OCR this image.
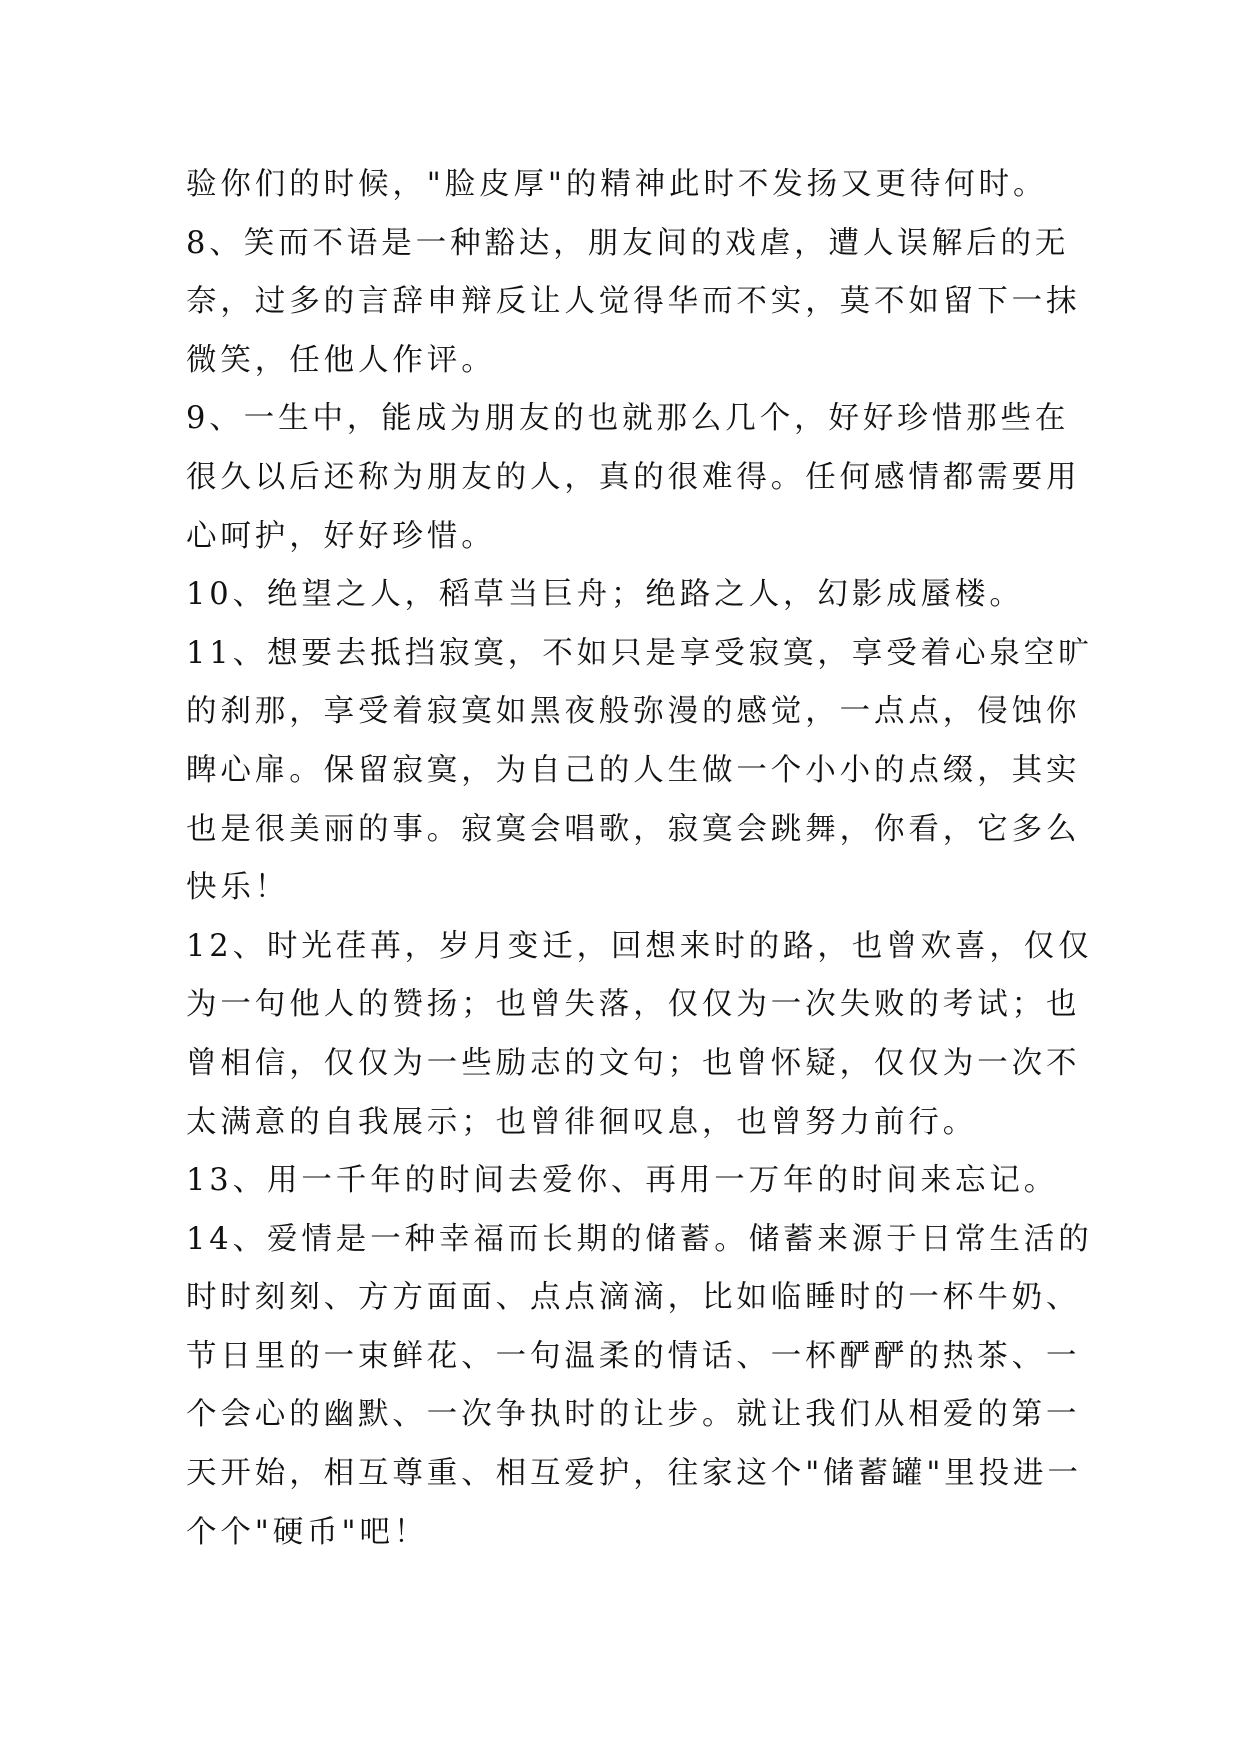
验你们的时候，"脸皮厚"的精神此时不发扬又更待何时。
8、笑而不语是一种豁达，朋友间的戏虐，遭人误解后的无
奈，过多的言辞申辩反让人觉得华而不实，莫不如留下一抹
微笑，任他人作评。
9、一生中，能成为朋友的也就那么几个，好好珍惜那些在
很久以后还称为朋友的人，真的很难得。任何感情都需要用
心呵护，好好珍惜。
10、绝望之人，稻草当巨舟；绝路之人，幻影成蜃楼。
11、想要去抵挡寂寞，不如只是享受寂寞，享受着心泉空旷
的刹那，享受着寂寞如黑夜般弥漫的感觉，一点点，侵蚀你
睥心扉。保留寂寞，为自己的人生做一个小小的点缀，其实
也是很美丽的事。寂寞会唱歌，寂寞会跳舞，你看，它多么
快乐！
12、时光荏苒，岁月变迁，回想来时的路，也曾欢喜，仅仅
为一句他人的赞扬；也曾失落，仅仅为一次失败的考试；也
曾相信，仅仅为一些励志的文句；也曾怀疑，仅仅为一次不
太满意的自我展示；也曾徘徊叹息，也曾努力前行。
13、用一千年的时间去爱你、再用一万年的时间来忘记。
14、爱情是一种幸福而长期的储蓄。储蓄来源于日常生活的
时时刻刻、方方面面、点点滴滴，比如临睡时的一杯牛奶、
节日里的一束鲜花、一句温柔的情话、一杯酽酽的热茶、一
个会心的幽默、一次争执时的让步。就让我们从相爱的第一
天开始，相互尊重、相互爱护，往家这个"储蓄罐"里投进一
个个"硬币"吧！
